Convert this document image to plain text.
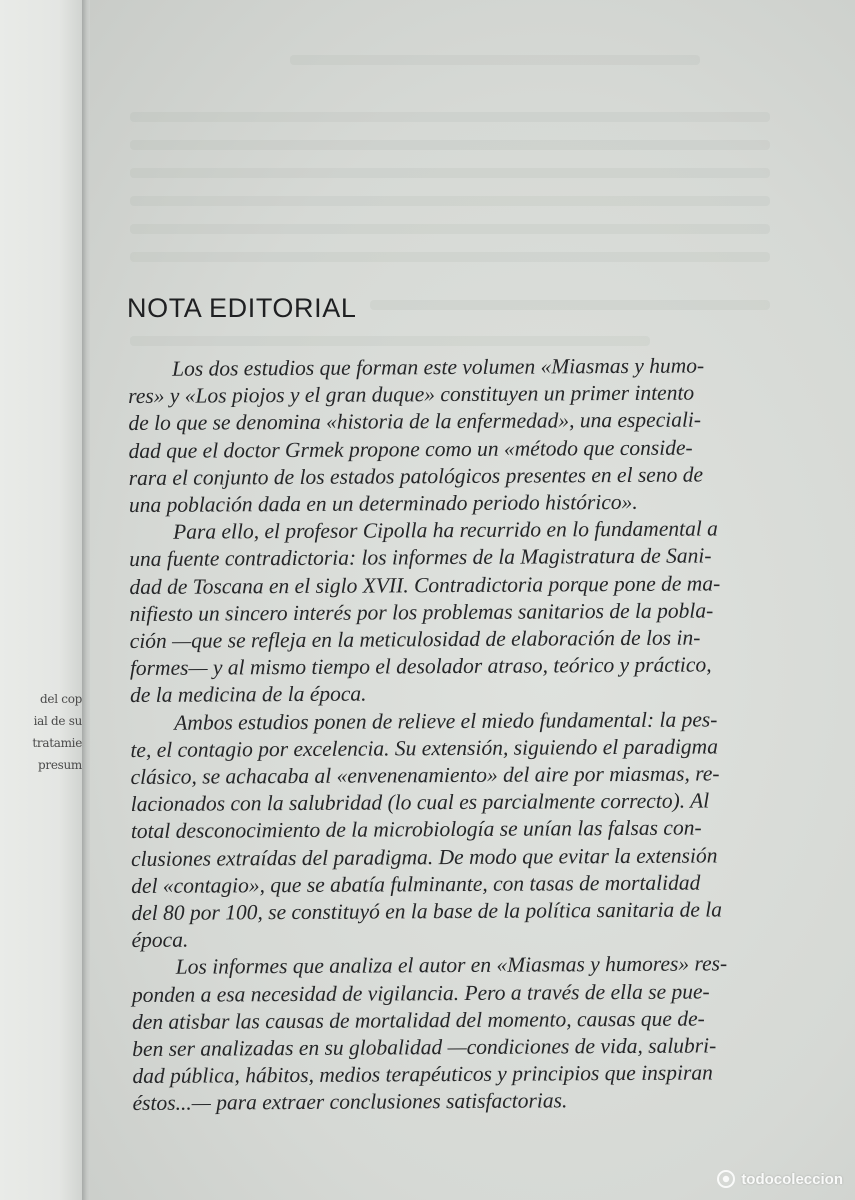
del cop
ial de su
tratamie
presum
NOTA EDITORIAL

Los dos estudios que forman este volumen «Miasmas y humo-
res» y «Los piojos y el gran duque» constituyen un primer intento
de lo que se denomina «historia de la enfermedad», una especiali-
dad que el doctor Grmek propone como un «método que conside-
rara el conjunto de los estados patológicos presentes en el seno de
una población dada en un determinado periodo histórico».

Para ello, el profesor Cipolla ha recurrido en lo fundamental a
una fuente contradictoria: los informes de la Magistratura de Sani-
dad de Toscana en el siglo XVII. Contradictoria porque pone de ma-
nifiesto un sincero interés por los problemas sanitarios de la pobla-
ción —que se refleja en la meticulosidad de elaboración de los in-
formes— y al mismo tiempo el desolador atraso, teórico y práctico,
de la medicina de la época.

Ambos estudios ponen de relieve el miedo fundamental: la pes-
te, el contagio por excelencia. Su extensión, siguiendo el paradigma
clásico, se achacaba al «envenenamiento» del aire por miasmas, re-
lacionados con la salubridad (lo cual es parcialmente correcto). Al
total desconocimiento de la microbiología se unían las falsas con-
clusiones extraídas del paradigma. De modo que evitar la extensión
del «contagio», que se abatía fulminante, con tasas de mortalidad
del 80 por 100, se constituyó en la base de la política sanitaria de la
época.

Los informes que analiza el autor en «Miasmas y humores» res-
ponden a esa necesidad de vigilancia. Pero a través de ella se pue-
den atisbar las causas de mortalidad del momento, causas que de-
ben ser analizadas en su globalidad —condiciones de vida, salubri-
dad pública, hábitos, medios terapéuticos y principios que inspiran
éstos...— para extraer conclusiones satisfactorias.

todocoleccion
